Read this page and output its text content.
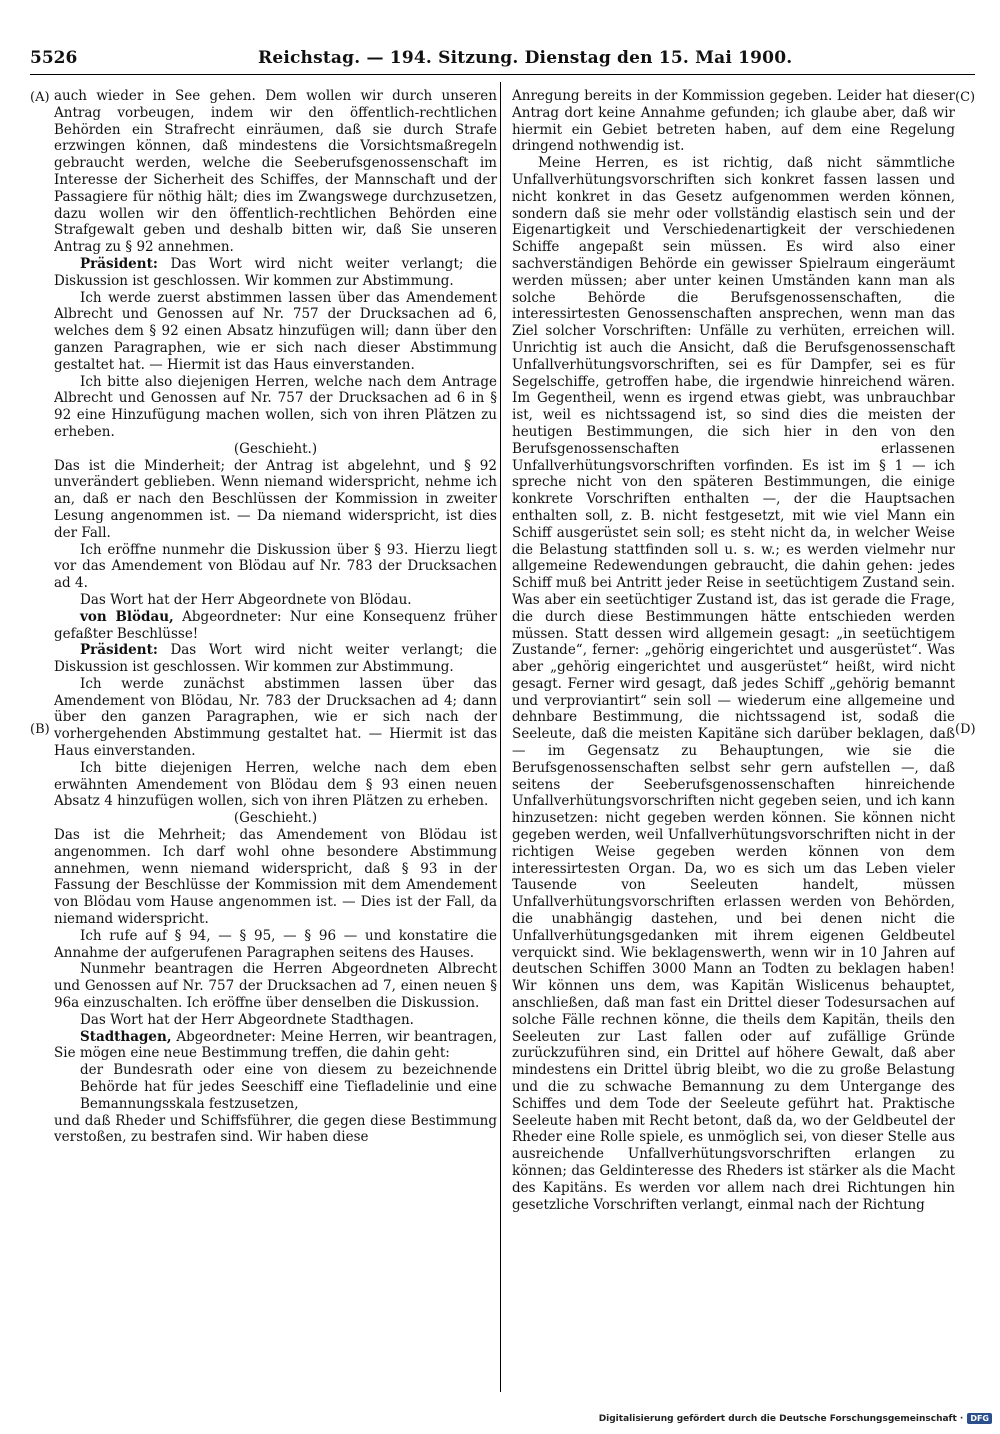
5526	Reichstag. — 194. Sitzung. Dienstag den 15. Mai 1900.
(A)
(B)
(C)
(D)

auch wieder in See gehen. Dem wollen wir durch unseren Antrag vorbeugen, indem wir den öffentlich-rechtlichen Behörden ein Strafrecht einräumen, daß sie durch Strafe erzwingen können, daß mindestens die Vorsichtsmaßregeln gebraucht werden, welche die Seeberufsgenossenschaft im Interesse der Sicherheit des Schiffes, der Mannschaft und der Passagiere für nöthig hält; dies im Zwangswege durchzusetzen, dazu wollen wir den öffentlich-rechtlichen Behörden eine Strafgewalt geben und deshalb bitten wir, daß Sie unseren Antrag zu § 92 annehmen.

Präsident: Das Wort wird nicht weiter verlangt; die Diskussion ist geschlossen. Wir kommen zur Abstimmung.

Ich werde zuerst abstimmen lassen über das Amendement Albrecht und Genossen auf Nr. 757 der Drucksachen ad 6, welches dem § 92 einen Absatz hinzufügen will; dann über den ganzen Paragraphen, wie er sich nach dieser Abstimmung gestaltet hat. — Hiermit ist das Haus einverstanden.

Ich bitte also diejenigen Herren, welche nach dem Antrage Albrecht und Genossen auf Nr. 757 der Drucksachen ad 6 in § 92 eine Hinzufügung machen wollen, sich von ihren Plätzen zu erheben.

(Geschieht.)

Das ist die Minderheit; der Antrag ist abgelehnt, und § 92 unverändert geblieben. Wenn niemand widerspricht, nehme ich an, daß er nach den Beschlüssen der Kommission in zweiter Lesung angenommen ist. — Da niemand widerspricht, ist dies der Fall.

Ich eröffne nunmehr die Diskussion über § 93. Hierzu liegt vor das Amendement von Blödau auf Nr. 783 der Drucksachen ad 4.

Das Wort hat der Herr Abgeordnete von Blödau.

von Blödau, Abgeordneter: Nur eine Konsequenz früher gefaßter Beschlüsse!

Präsident: Das Wort wird nicht weiter verlangt; die Diskussion ist geschlossen. Wir kommen zur Abstimmung.

Ich werde zunächst abstimmen lassen über das Amendement von Blödau, Nr. 783 der Drucksachen ad 4; dann über den ganzen Paragraphen, wie er sich nach der vorhergehenden Abstimmung gestaltet hat. — Hiermit ist das Haus einverstanden.

Ich bitte diejenigen Herren, welche nach dem eben erwähnten Amendement von Blödau dem § 93 einen neuen Absatz 4 hinzufügen wollen, sich von ihren Plätzen zu erheben.

(Geschieht.)

Das ist die Mehrheit; das Amendement von Blödau ist angenommen. Ich darf wohl ohne besondere Abstimmung annehmen, wenn niemand widerspricht, daß § 93 in der Fassung der Beschlüsse der Kommission mit dem Amendement von Blödau vom Hause angenommen ist. — Dies ist der Fall, da niemand widerspricht.

Ich rufe auf § 94, — § 95, — § 96 — und konstatire die Annahme der aufgerufenen Paragraphen seitens des Hauses.

Nunmehr beantragen die Herren Abgeordneten Albrecht und Genossen auf Nr. 757 der Drucksachen ad 7, einen neuen § 96a einzuschalten. Ich eröffne über denselben die Diskussion.

Das Wort hat der Herr Abgeordnete Stadthagen.

Stadthagen, Abgeordneter: Meine Herren, wir beantragen, Sie mögen eine neue Bestimmung treffen, die dahin geht:

der Bundesrath oder eine von diesem zu bezeichnende Behörde hat für jedes Seeschiff eine Tiefladelinie und eine Bemannungsskala festzusetzen,

und daß Rheder und Schiffsführer, die gegen diese Bestimmung verstoßen, zu bestrafen sind. Wir haben diese

Anregung bereits in der Kommission gegeben. Leider hat dieser Antrag dort keine Annahme gefunden; ich glaube aber, daß wir hiermit ein Gebiet betreten haben, auf dem eine Regelung dringend nothwendig ist.

Meine Herren, es ist richtig, daß nicht sämmtliche Unfallverhütungsvorschriften sich konkret fassen lassen und nicht konkret in das Gesetz aufgenommen werden können, sondern daß sie mehr oder vollständig elastisch sein und der Eigenartigkeit und Verschiedenartigkeit der verschiedenen Schiffe angepaßt sein müssen. Es wird also einer sachverständigen Behörde ein gewisser Spielraum eingeräumt werden müssen; aber unter keinen Umständen kann man als solche Behörde die Berufsgenossenschaften, die interessirtesten Genossenschaften ansprechen, wenn man das Ziel solcher Vorschriften: Unfälle zu verhüten, erreichen will. Unrichtig ist auch die Ansicht, daß die Berufsgenossenschaft Unfallverhütungsvorschriften, sei es für Dampfer, sei es für Segelschiffe, getroffen habe, die irgendwie hinreichend wären. Im Gegentheil, wenn es irgend etwas giebt, was unbrauchbar ist, weil es nichtssagend ist, so sind dies die meisten der heutigen Bestimmungen, die sich hier in den von den Berufsgenossenschaften erlassenen Unfallverhütungsvorschriften vorfinden. Es ist im § 1 — ich spreche nicht von den späteren Bestimmungen, die einige konkrete Vorschriften enthalten —, der die Hauptsachen enthalten soll, z. B. nicht festgesetzt, mit wie viel Mann ein Schiff ausgerüstet sein soll; es steht nicht da, in welcher Weise die Belastung stattfinden soll u. s. w.; es werden vielmehr nur allgemeine Redewendungen gebraucht, die dahin gehen: jedes Schiff muß bei Antritt jeder Reise in seetüchtigem Zustand sein. Was aber ein seetüchtiger Zustand ist, das ist gerade die Frage, die durch diese Bestimmungen hätte entschieden werden müssen. Statt dessen wird allgemein gesagt: „in seetüchtigem Zustande“, ferner: „gehörig eingerichtet und ausgerüstet“. Was aber „gehörig eingerichtet und ausgerüstet“ heißt, wird nicht gesagt. Ferner wird gesagt, daß jedes Schiff „gehörig bemannt und verproviantirt“ sein soll — wiederum eine allgemeine und dehnbare Bestimmung, die nichtssagend ist, sodaß die Seeleute, daß die meisten Kapitäne sich darüber beklagen, daß — im Gegensatz zu Behauptungen, wie sie die Berufsgenossenschaften selbst sehr gern aufstellen —, daß seitens der Seeberufsgenossenschaften hinreichende Unfallverhütungsvorschriften nicht gegeben seien, und ich kann hinzusetzen: nicht gegeben werden können. Sie können nicht gegeben werden, weil Unfallverhütungsvorschriften nicht in der richtigen Weise gegeben werden können von dem interessirtesten Organ. Da, wo es sich um das Leben vieler Tausende von Seeleuten handelt, müssen Unfallverhütungsvorschriften erlassen werden von Behörden, die unabhängig dastehen, und bei denen nicht die Unfallverhütungsgedanken mit ihrem eigenen Geldbeutel verquickt sind. Wie beklagenswerth, wenn wir in 10 Jahren auf deutschen Schiffen 3000 Mann an Todten zu beklagen haben! Wir können uns dem, was Kapitän Wislicenus behauptet, anschließen, daß man fast ein Drittel dieser Todesursachen auf solche Fälle rechnen könne, die theils dem Kapitän, theils den Seeleuten zur Last fallen oder auf zufällige Gründe zurückzuführen sind, ein Drittel auf höhere Gewalt, daß aber mindestens ein Drittel übrig bleibt, wo die zu große Belastung und die zu schwache Bemannung zu dem Untergange des Schiffes und dem Tode der Seeleute geführt hat. Praktische Seeleute haben mit Recht betont, daß da, wo der Geldbeutel der Rheder eine Rolle spiele, es unmöglich sei, von dieser Stelle aus ausreichende Unfallverhütungsvorschriften erlangen zu können; das Geldinteresse des Rheders ist stärker als die Macht des Kapitäns. Es werden vor allem nach drei Richtungen hin gesetzliche Vorschriften verlangt, einmal nach der Richtung

Digitalisierung gefördert durch die Deutsche Forschungsgemeinschaft · DFG
